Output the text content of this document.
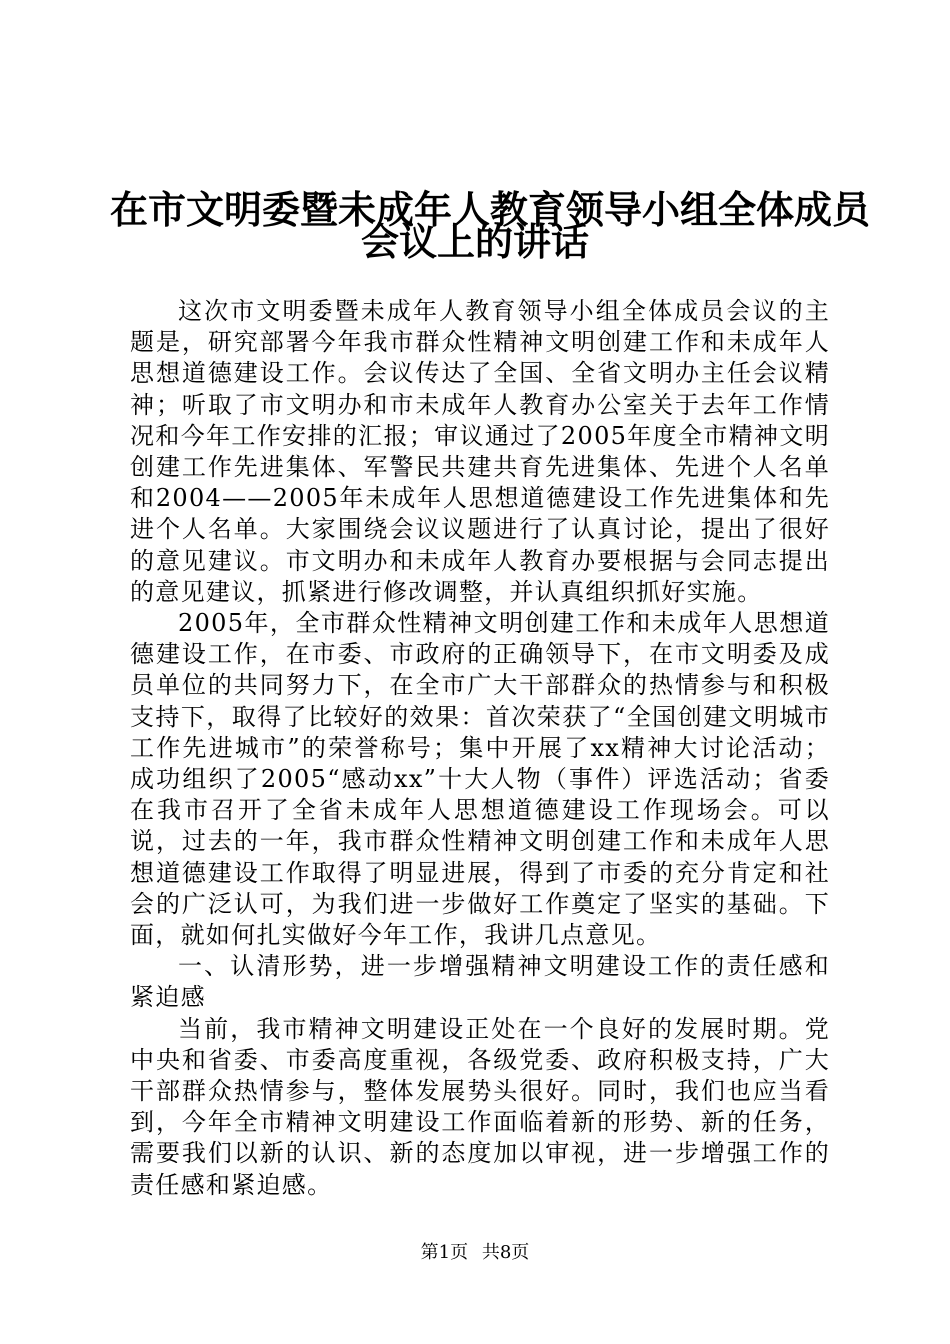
在市文明委暨未成年人教育领导小组全体成员
会议上的讲话

这次市文明委暨未成年人教育领导小组全体成员会议的主题是，研究部署今年我市群众性精神文明创建工作和未成年人思想道德建设工作。会议传达了全国、全省文明办主任会议精神；听取了市文明办和市未成年人教育办公室关于去年工作情况和今年工作安排的汇报；审议通过了2005年度全市精神文明创建工作先进集体、军警民共建共育先进集体、先进个人名单和2004——2005年未成年人思想道德建设工作先进集体和先进个人名单。大家围绕会议议题进行了认真讨论，提出了很好的意见建议。市文明办和未成年人教育办要根据与会同志提出的意见建议，抓紧进行修改调整，并认真组织抓好实施。

2005年，全市群众性精神文明创建工作和未成年人思想道德建设工作，在市委、市政府的正确领导下，在市文明委及成员单位的共同努力下，在全市广大干部群众的热情参与和积极支持下，取得了比较好的效果：首次荣获了“全国创建文明城市工作先进城市”的荣誉称号；集中开展了xx精神大讨论活动；成功组织了2005“感动xx”十大人物（事件）评选活动；省委在我市召开了全省未成年人思想道德建设工作现场会。可以说，过去的一年，我市群众性精神文明创建工作和未成年人思想道德建设工作取得了明显进展，得到了市委的充分肯定和社会的广泛认可，为我们进一步做好工作奠定了坚实的基础。下面，就如何扎实做好今年工作，我讲几点意见。

一、认清形势，进一步增强精神文明建设工作的责任感和紧迫感

当前，我市精神文明建设正处在一个良好的发展时期。党中央和省委、市委高度重视，各级党委、政府积极支持，广大干部群众热情参与，整体发展势头很好。同时，我们也应当看到，今年全市精神文明建设工作面临着新的形势、新的任务，需要我们以新的认识、新的态度加以审视，进一步增强工作的责任感和紧迫感。

第1页 共8页
